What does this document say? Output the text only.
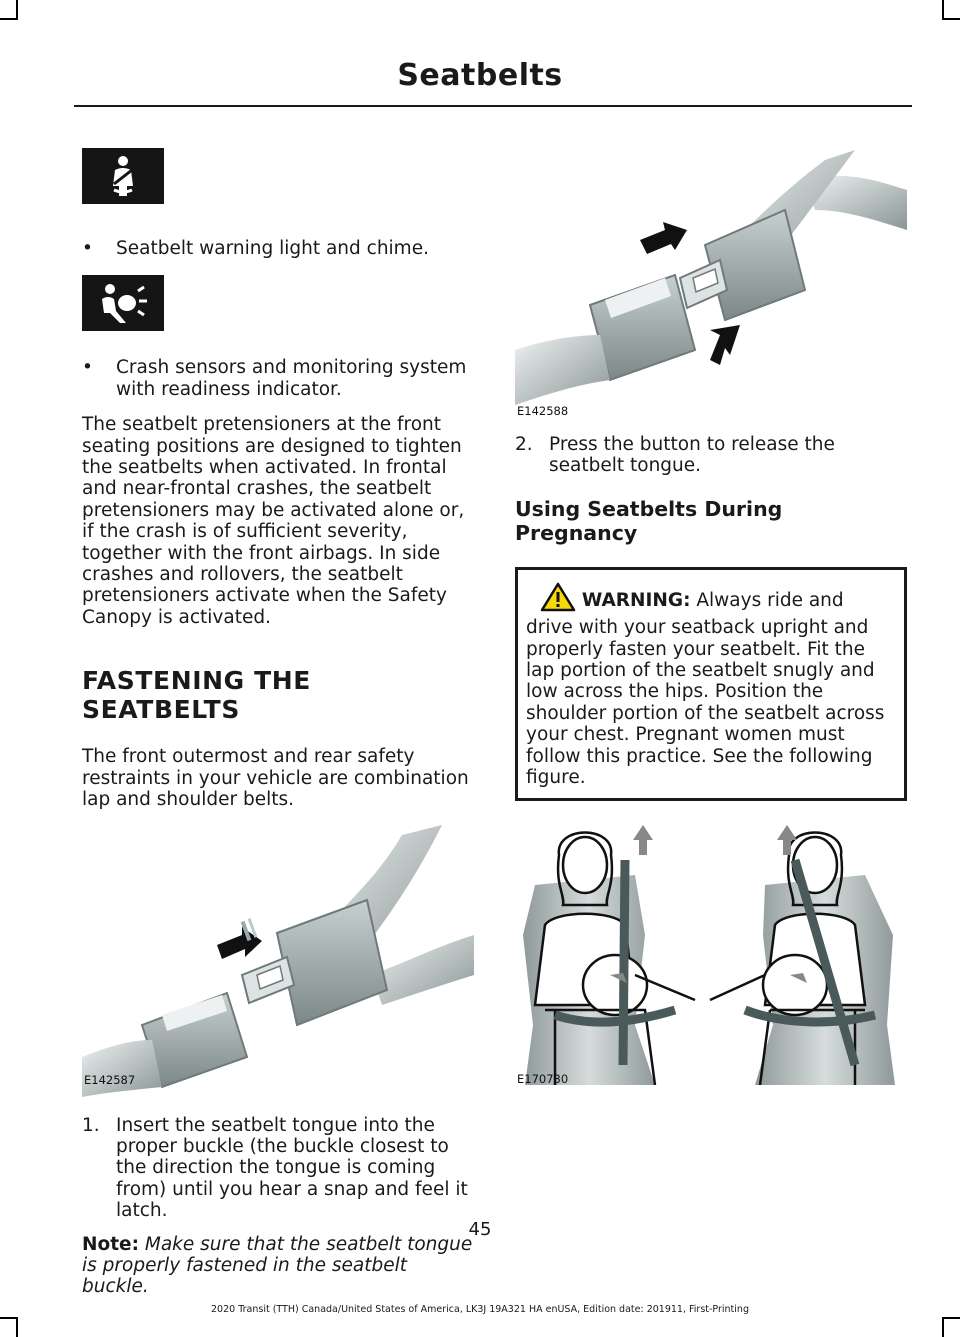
Seatbelts
•	Seatbelt warning light and chime.
•	Crash sensors and monitoring system with readiness indicator.

The seatbelt pretensioners at the front seating positions are designed to tighten the seatbelts when activated. In frontal and near-frontal crashes, the seatbelt pretensioners may be activated alone or, if the crash is of sufficient severity, together with the front airbags. In side crashes and rollovers, the seatbelt pretensioners activate when the Safety Canopy is activated.

FASTENING THE SEATBELTS

The front outermost and rear safety restraints in your vehicle are combination lap and shoulder belts.

E142587
1. Insert the seatbelt tongue into the proper buckle (the buckle closest to the direction the tongue is coming from) until you hear a snap and feel it latch.

Note: Make sure that the seatbelt tongue is properly fastened in the seatbelt buckle.

E142588
2. Press the button to release the seatbelt tongue.
Using Seatbelts During Pregnancy
WARNING: Always ride and drive with your seatback upright and properly fasten your seatbelt. Fit the lap portion of the seatbelt snugly and low across the hips. Position the shoulder portion of the seatbelt across your chest. Pregnant women must follow this practice. See the following figure.
E170730

45

2020 Transit (TTH) Canada/United States of America, LK3J 19A321 HA enUSA, Edition date: 201911, First-Printing
